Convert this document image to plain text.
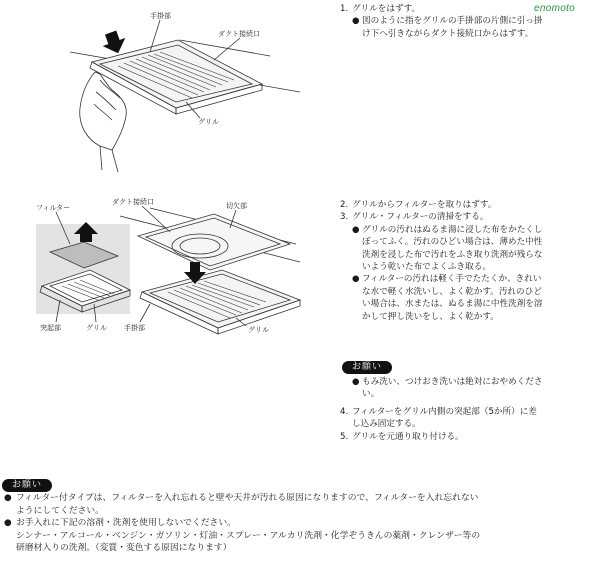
enomoto
手掛部
ダクト接続口
グリル
フィルター
ダクト接続口	切欠部
突起部	グリル 手掛部	グリル
1. グリルをはずす。
● 図のように指をグリルの手掛部の片側に引っ掛
け下へ引きながらダクト接続口からはずす。
2. グリルからフィルターを取りはずす。
3. グリル・フィルターの清掃をする。
● グリルの汚れはぬるま湯に浸した布をかたくし
ぼってふく。汚れのひどい場合は、薄めた中性
洗剤を浸した布で汚れをふき取り洗剤が残らな
いよう乾いた布でよくふき取る。
● フィルターの汚れは軽く手でたたくか、きれい
な水で軽く水洗いし、よく乾かす。汚れのひど
い場合は、水または、ぬるま湯に中性洗剤を溶
かして押し洗いをし、よく乾かす。
お願い
● もみ洗い、つけおき洗いは絶対におやめくださ
い。
4. フィルターをグリル内側の突起部（5か所）に差
し込み固定する。
5. グリルを元通り取り付ける。
お願い
● フィルター付タイプは、フィルターを入れ忘れると壁や天井が汚れる原因になりますので、フィルターを入れ忘れない
ようにしてください。
● お手入れに下記の溶剤・洗剤を使用しないでください。
シンナー・アルコール・ベンジン・ガソリン・灯油・スプレー・アルカリ洗剤・化学ぞうきんの薬剤・クレンザー等の
研磨材入りの洗剤。（変質・変色する原因になります）
